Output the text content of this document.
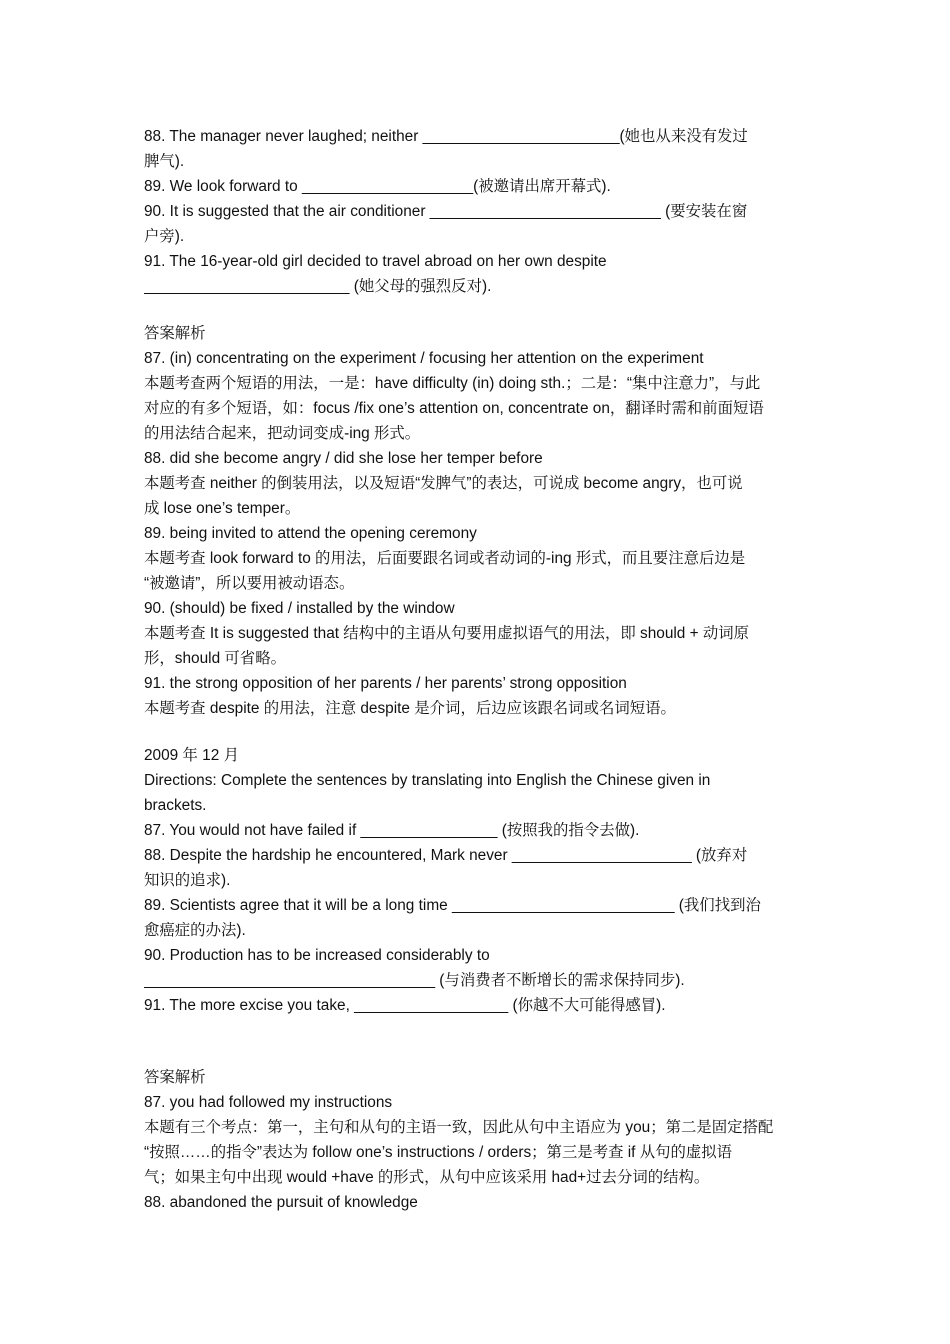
88. The manager never laughed; neither _______________________(她也从来没有发过
脾气).
89. We look forward to ____________________(被邀请出席开幕式).
90. It is suggested that the air conditioner ___________________________ (要安装在窗
户旁).
91. The 16-year-old girl decided to travel abroad on her own despite
________________________ (她父母的强烈反对).
答案解析
87. (in) concentrating on the experiment / focusing her attention on the experiment
本题考查两个短语的用法，一是：have difficulty (in) doing sth.；二是：“集中注意力”，与此
对应的有多个短语，如：focus /fix one’s attention on, concentrate on，翻译时需和前面短语
的用法结合起来，把动词变成-ing 形式。
88. did she become angry / did she lose her temper before
本题考查 neither 的倒装用法，以及短语“发脾气”的表达，可说成 become angry，也可说
成 lose one’s temper。
89. being invited to attend the opening ceremony
本题考查 look forward to 的用法，后面要跟名词或者动词的-ing 形式，而且要注意后边是
“被邀请”，所以要用被动语态。
90. (should) be fixed / installed by the window
本题考查 It is suggested that 结构中的主语从句要用虚拟语气的用法，即 should + 动词原
形，should 可省略。
91. the strong opposition of her parents / her parents’ strong opposition
本题考查 despite 的用法，注意 despite 是介词，后边应该跟名词或名词短语。
2009 年 12 月
Directions: Complete the sentences by translating into English the Chinese given in
brackets.
87. You would not have failed if ________________ (按照我的指令去做).
88. Despite the hardship he encountered, Mark never _____________________ (放弃对
知识的追求).
89. Scientists agree that it will be a long time __________________________ (我们找到治
愈癌症的办法).
90. Production has to be increased considerably to
__________________________________ (与消费者不断增长的需求保持同步).
91. The more excise you take, __________________ (你越不大可能得感冒).
答案解析
87. you had followed my instructions
本题有三个考点：第一，主句和从句的主语一致，因此从句中主语应为 you；第二是固定搭配
“按照……的指令”表达为 follow one’s instructions / orders；第三是考查 if 从句的虚拟语
气；如果主句中出现 would +have 的形式，从句中应该采用 had+过去分词的结构。
88. abandoned the pursuit of knowledge
